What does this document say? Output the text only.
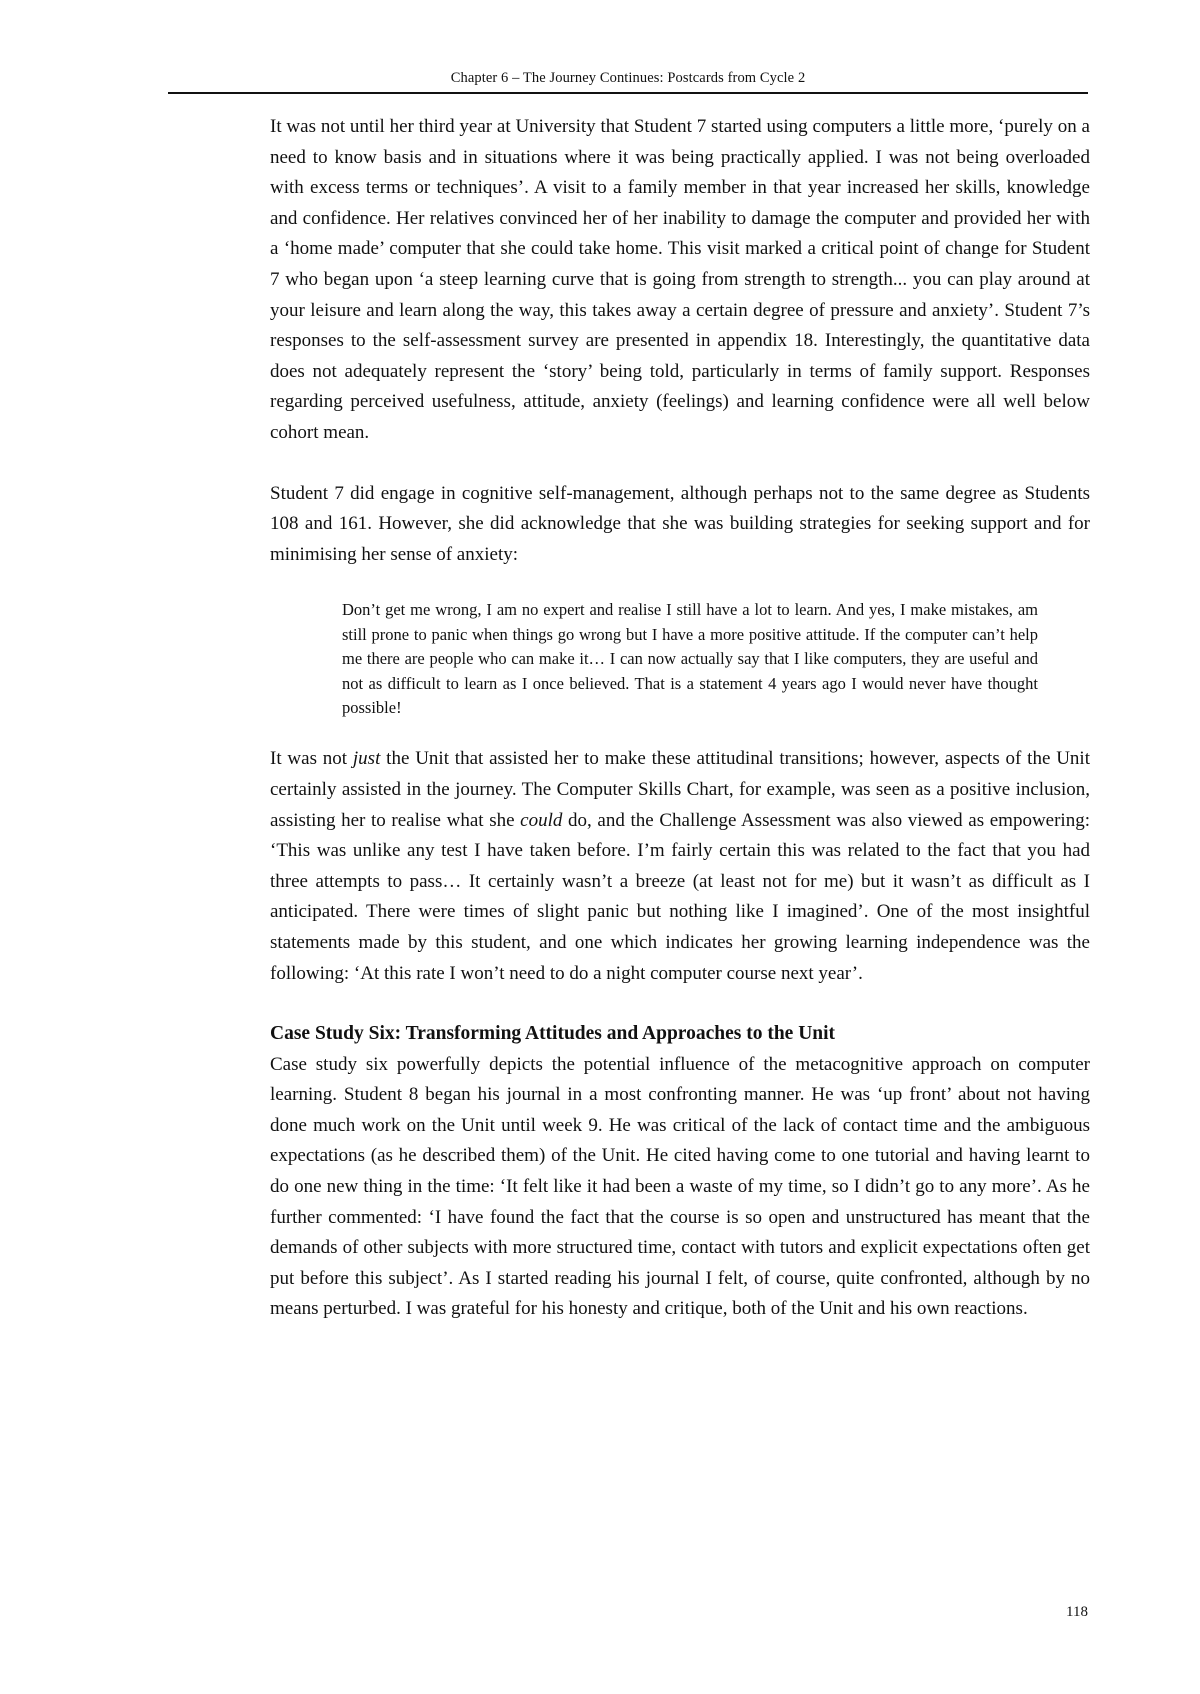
Chapter 6 – The Journey Continues: Postcards from Cycle 2

It was not until her third year at University that Student 7 started using computers a little more, ‘purely on a need to know basis and in situations where it was being practically applied. I was not being overloaded with excess terms or techniques’. A visit to a family member in that year increased her skills, knowledge and confidence. Her relatives convinced her of her inability to damage the computer and provided her with a ‘home made’ computer that she could take home. This visit marked a critical point of change for Student 7 who began upon ‘a steep learning curve that is going from strength to strength... you can play around at your leisure and learn along the way, this takes away a certain degree of pressure and anxiety’. Student 7’s responses to the self-assessment survey are presented in appendix 18. Interestingly, the quantitative data does not adequately represent the ‘story’ being told, particularly in terms of family support. Responses regarding perceived usefulness, attitude, anxiety (feelings) and learning confidence were all well below cohort mean.

Student 7 did engage in cognitive self-management, although perhaps not to the same degree as Students 108 and 161. However, she did acknowledge that she was building strategies for seeking support and for minimising her sense of anxiety:

Don’t get me wrong, I am no expert and realise I still have a lot to learn. And yes, I make mistakes, am still prone to panic when things go wrong but I have a more positive attitude. If the computer can’t help me there are people who can make it… I can now actually say that I like computers, they are useful and not as difficult to learn as I once believed. That is a statement 4 years ago I would never have thought possible!

It was not just the Unit that assisted her to make these attitudinal transitions; however, aspects of the Unit certainly assisted in the journey. The Computer Skills Chart, for example, was seen as a positive inclusion, assisting her to realise what she could do, and the Challenge Assessment was also viewed as empowering: ‘This was unlike any test I have taken before. I’m fairly certain this was related to the fact that you had three attempts to pass… It certainly wasn’t a breeze (at least not for me) but it wasn’t as difficult as I anticipated. There were times of slight panic but nothing like I imagined’. One of the most insightful statements made by this student, and one which indicates her growing learning independence was the following: ‘At this rate I won’t need to do a night computer course next year’.

Case Study Six: Transforming Attitudes and Approaches to the Unit

Case study six powerfully depicts the potential influence of the metacognitive approach on computer learning. Student 8 began his journal in a most confronting manner. He was ‘up front’ about not having done much work on the Unit until week 9. He was critical of the lack of contact time and the ambiguous expectations (as he described them) of the Unit. He cited having come to one tutorial and having learnt to do one new thing in the time: ‘It felt like it had been a waste of my time, so I didn’t go to any more’. As he further commented: ‘I have found the fact that the course is so open and unstructured has meant that the demands of other subjects with more structured time, contact with tutors and explicit expectations often get put before this subject’. As I started reading his journal I felt, of course, quite confronted, although by no means perturbed. I was grateful for his honesty and critique, both of the Unit and his own reactions.

118
